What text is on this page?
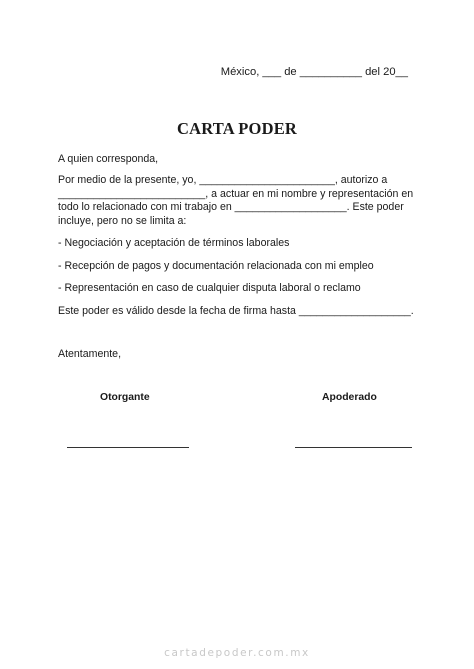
México, ___ de __________ del 20__
CARTA PODER
A quien corresponda,
Por medio de la presente, yo, _______________________, autorizo a
_________________________, a actuar en mi nombre y representación en
todo lo relacionado con mi trabajo en ___________________. Este poder
incluye, pero no se limita a:
- Negociación y aceptación de términos laborales
- Recepción de pagos y documentación relacionada con mi empleo
- Representación en caso de cualquier disputa laboral o reclamo
Este poder es válido desde la fecha de firma hasta ___________________.
Atentamente,
Otorgante	Apoderado
cartadepoder.com.mx
